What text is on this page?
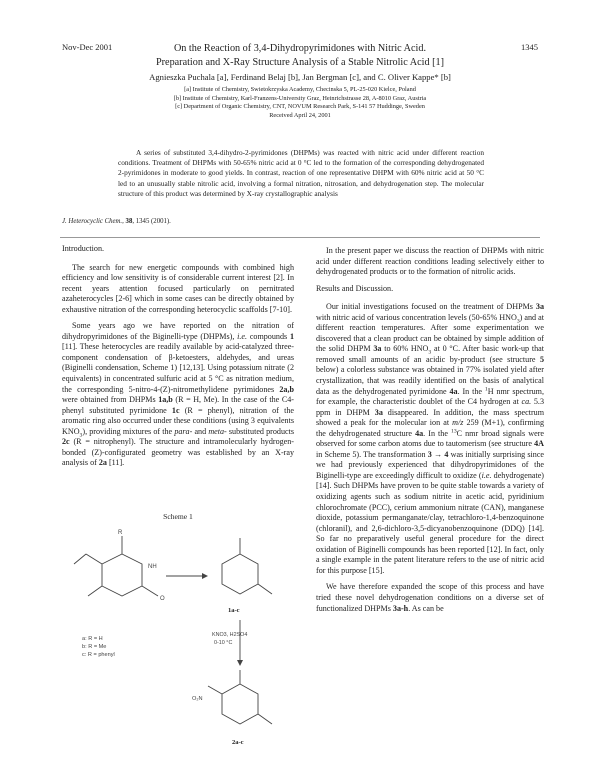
Nov-Dec 2001	1345
On the Reaction of 3,4-Dihydropyrimidones with Nitric Acid.
Preparation and X-Ray Structure Analysis of a Stable Nitrolic Acid [1]
Agnieszka Puchala [a], Ferdinand Belaj [b], Jan Bergman [c], and C. Oliver Kappe* [b]
[a] Institute of Chemistry, Swietokrzyska Academy, Checinska 5, PL-25-020 Kielce, Poland
[b] Institute of Chemistry, Karl-Franzens-University Graz, Heinrichstrasse 28, A-8010 Graz, Austria
[c] Department of Organic Chemistry, CNT, NOVUM Research Park, S-141 57 Huddinge, Sweden
Received April 24, 2001
A series of substituted 3,4-dihydro-2-pyrimidones (DHPMs) was reacted with nitric acid under different reaction conditions. Treatment of DHPMs with 50-65% nitric acid at 0 °C led to the formation of the corresponding dehydrogenated 2-pyrimidones in moderate to good yields. In contrast, reaction of one representative DHPM with 60% nitric acid at 50 °C led to an unusually stable nitrolic acid, involving a formal nitration, nitrosation, and dehydrogenation step. The molecular structure of this product was determined by X-ray crystallographic analysis
J. Heterocyclic Chem., 38, 1345 (2001).

Introduction.

The search for new energetic compounds with combined high efficiency and low sensitivity is of considerable current interest [2]. In recent years attention focused particularly on pernitrated azaheterocycles [2-6] which in some cases can be directly obtained by exhaustive nitration of the corresponding heterocyclic scaffolds [7-10].

Some years ago we have reported on the nitration of dihydropyrimidones of the Biginelli-type (DHPMs), i.e. compounds 1 [11]. These heterocycles are readily available by acid-catalyzed three-component condensation of β-ketoesters, aldehydes, and ureas (Biginelli condensation, Scheme 1) [12,13]. Using potassium nitrate (2 equivalents) in concentrated sulfuric acid at 5 °C as nitration medium, the corresponding 5-nitro-4-(Z)-nitromethylidene pyrimidones 2a,b were obtained from DHPMs 1a,b (R = H, Me). In the case of the C4-phenyl substituted pyrimidone 1c (R = phenyl), nitration of the aromatic ring also occurred under these conditions (using 3 equivalents $KNO_3$), providing mixtures of the para- and meta- substituted products 2c (R = nitrophenyl). The structure and intramolecularly hydrogen-bonded (Z)-configurated geometry was established by an X-ray analysis of 2a [11].

Scheme 1
NH
O
R
1a-c
a: R = H
b: R = Me
c: R = phenyl
KNO3, H2SO4
0-10 °C
O₂N
2a-c

In the present paper we discuss the reaction of DHPMs with nitric acid under different reaction conditions leading selectively either to dehydrogenated products or to the formation of nitrolic acids.

Results and Discussion.

Our initial investigations focused on the treatment of DHPMs 3a with nitric acid of various concentration levels (50-65% $HNO_3$) and at different reaction temperatures. After some experimentation we discovered that a clean product can be obtained by simple addition of the solid DHPM 3a to 60% $HNO_3$ at 0 °C. After basic work-up that removed small amounts of an acidic by-product (see structure 5 below) a colorless substance was obtained in 77% isolated yield after crystallization, that was readily identified on the basis of analytical data as the dehydrogenated pyrimidone 4a. In the $^1$H nmr spectrum, for example, the characteristic doublet of the C4 hydrogen at ca. 5.3 ppm in DHPM 3a disappeared. In addition, the mass spectrum showed a peak for the molecular ion at m/z 259 (M+1), confirming the dehydrogenated structure 4a. In the $^{13}$C nmr broad signals were observed for some carbon atoms due to tautomerism (see structure 4A in Scheme 5). The transformation 3 → 4 was initially surprising since we had previously experienced that dihydropyrimidones of the Biginelli-type are exceedingly difficult to oxidize (i.e. dehydrogenate) [14]. Such DHPMs have proven to be quite stable towards a variety of oxidizing agents such as sodium nitrite in acetic acid, pyridinium chlorochromate (PCC), cerium ammonium nitrate (CAN), manganese dioxide, potassium permanganate/clay, tetrachloro-1,4-benzoquinone (chloranil), and 2,6-dichloro-3,5-dicyanobenzoquinone (DDQ) [14]. So far no preparatively useful general procedure for the direct oxidation of Biginelli compounds has been reported [12]. In fact, only a single example in the patent literature refers to the use of nitric acid for this purpose [15].

We have therefore expanded the scope of this process and have tried these novel dehydrogenation conditions on a diverse set of functionalized DHPMs 3a-h. As can be
